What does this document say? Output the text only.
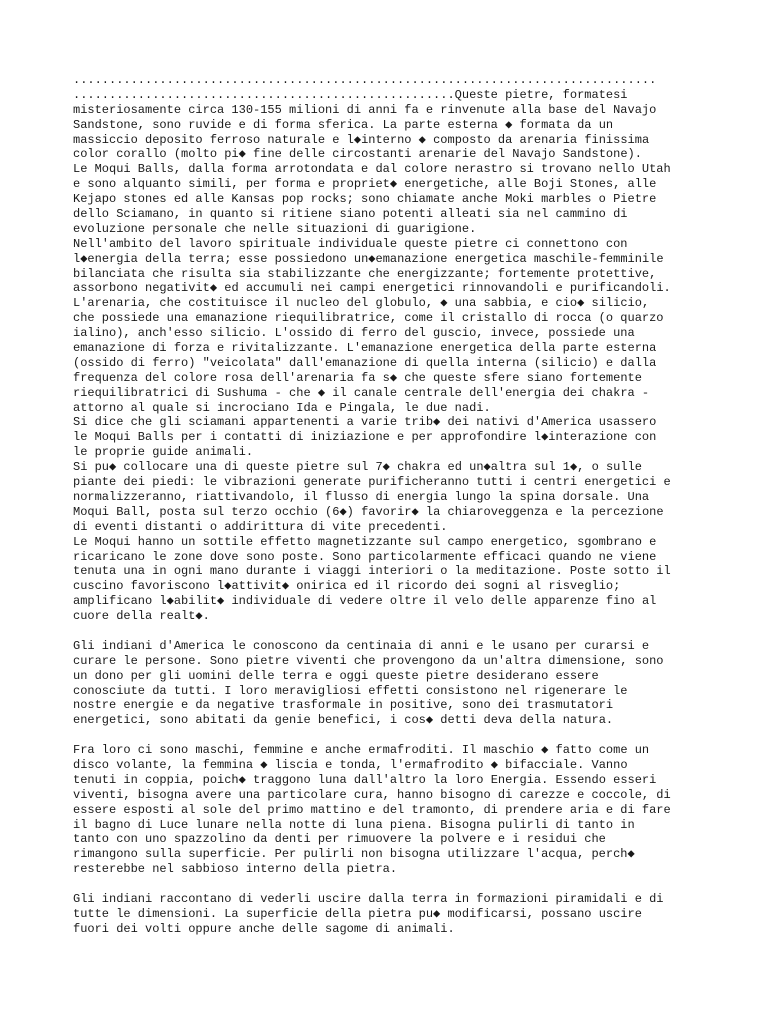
.................................................................................
.....................................................Queste pietre, formatesi
misteriosamente circa 130-155 milioni di anni fa e rinvenute alla base del Navajo
Sandstone, sono ruvide e di forma sferica. La parte esterna ◆ formata da un
massiccio deposito ferroso naturale e l◆interno ◆ composto da arenaria finissima
color corallo (molto pi◆ fine delle circostanti arenarie del Navajo Sandstone).
Le Moqui Balls, dalla forma arrotondata e dal colore nerastro si trovano nello Utah
e sono alquanto simili, per forma e propriet◆ energetiche, alle Boji Stones, alle
Kejapo stones ed alle Kansas pop rocks; sono chiamate anche Moki marbles o Pietre
dello Sciamano, in quanto si ritiene siano potenti alleati sia nel cammino di
evoluzione personale che nelle situazioni di guarigione.
Nell'ambito del lavoro spirituale individuale queste pietre ci connettono con
l◆energia della terra; esse possiedono un◆emanazione energetica maschile-femminile
bilanciata che risulta sia stabilizzante che energizzante; fortemente protettive,
assorbono negativit◆ ed accumuli nei campi energetici rinnovandoli e purificandoli.
L'arenaria, che costituisce il nucleo del globulo, ◆ una sabbia, e cio◆ silicio,
che possiede una emanazione riequilibratrice, come il cristallo di rocca (o quarzo
ialino), anch'esso silicio. L'ossido di ferro del guscio, invece, possiede una
emanazione di forza e rivitalizzante. L'emanazione energetica della parte esterna
(ossido di ferro) "veicolata" dall'emanazione di quella interna (silicio) e dalla
frequenza del colore rosa dell'arenaria fa s◆ che queste sfere siano fortemente
riequilibratrici di Sushuma - che ◆ il canale centrale dell'energia dei chakra -
attorno al quale si incrociano Ida e Pingala, le due nadi.
Si dice che gli sciamani appartenenti a varie trib◆ dei nativi d'America usassero
le Moqui Balls per i contatti di iniziazione e per approfondire l◆interazione con
le proprie guide animali.
Si pu◆ collocare una di queste pietre sul 7◆ chakra ed un◆altra sul 1◆, o sulle
piante dei piedi: le vibrazioni generate purificheranno tutti i centri energetici e
normalizzeranno, riattivandolo, il flusso di energia lungo la spina dorsale. Una
Moqui Ball, posta sul terzo occhio (6◆) favorir◆ la chiaroveggenza e la percezione
di eventi distanti o addirittura di vite precedenti.
Le Moqui hanno un sottile effetto magnetizzante sul campo energetico, sgombrano e
ricaricano le zone dove sono poste. Sono particolarmente efficaci quando ne viene
tenuta una in ogni mano durante i viaggi interiori o la meditazione. Poste sotto il
cuscino favoriscono l◆attivit◆ onirica ed il ricordo dei sogni al risveglio;
amplificano l◆abilit◆ individuale di vedere oltre il velo delle apparenze fino al
cuore della realt◆.
Gli indiani d'America le conoscono da centinaia di anni e le usano per curarsi e
curare le persone. Sono pietre viventi che provengono da un'altra dimensione, sono
un dono per gli uomini delle terra e oggi queste pietre desiderano essere
conosciute da tutti. I loro meravigliosi effetti consistono nel rigenerare le
nostre energie e da negative trasformale in positive, sono dei trasmutatori
energetici, sono abitati da genie benefici, i cos◆ detti deva della natura.
Fra loro ci sono maschi, femmine e anche ermafroditi. Il maschio ◆ fatto come un
disco volante, la femmina ◆ liscia e tonda, l'ermafrodito ◆ bifacciale. Vanno
tenuti in coppia, poich◆ traggono luna dall'altro la loro Energia. Essendo esseri
viventi, bisogna avere una particolare cura, hanno bisogno di carezze e coccole, di
essere esposti al sole del primo mattino e del tramonto, di prendere aria e di fare
il bagno di Luce lunare nella notte di luna piena. Bisogna pulirli di tanto in
tanto con uno spazzolino da denti per rimuovere la polvere e i residui che
rimangono sulla superficie. Per pulirli non bisogna utilizzare l'acqua, perch◆
resterebbe nel sabbioso interno della pietra.
Gli indiani raccontano di vederli uscire dalla terra in formazioni piramidali e di
tutte le dimensioni. La superficie della pietra pu◆ modificarsi, possano uscire
fuori dei volti oppure anche delle sagome di animali.
